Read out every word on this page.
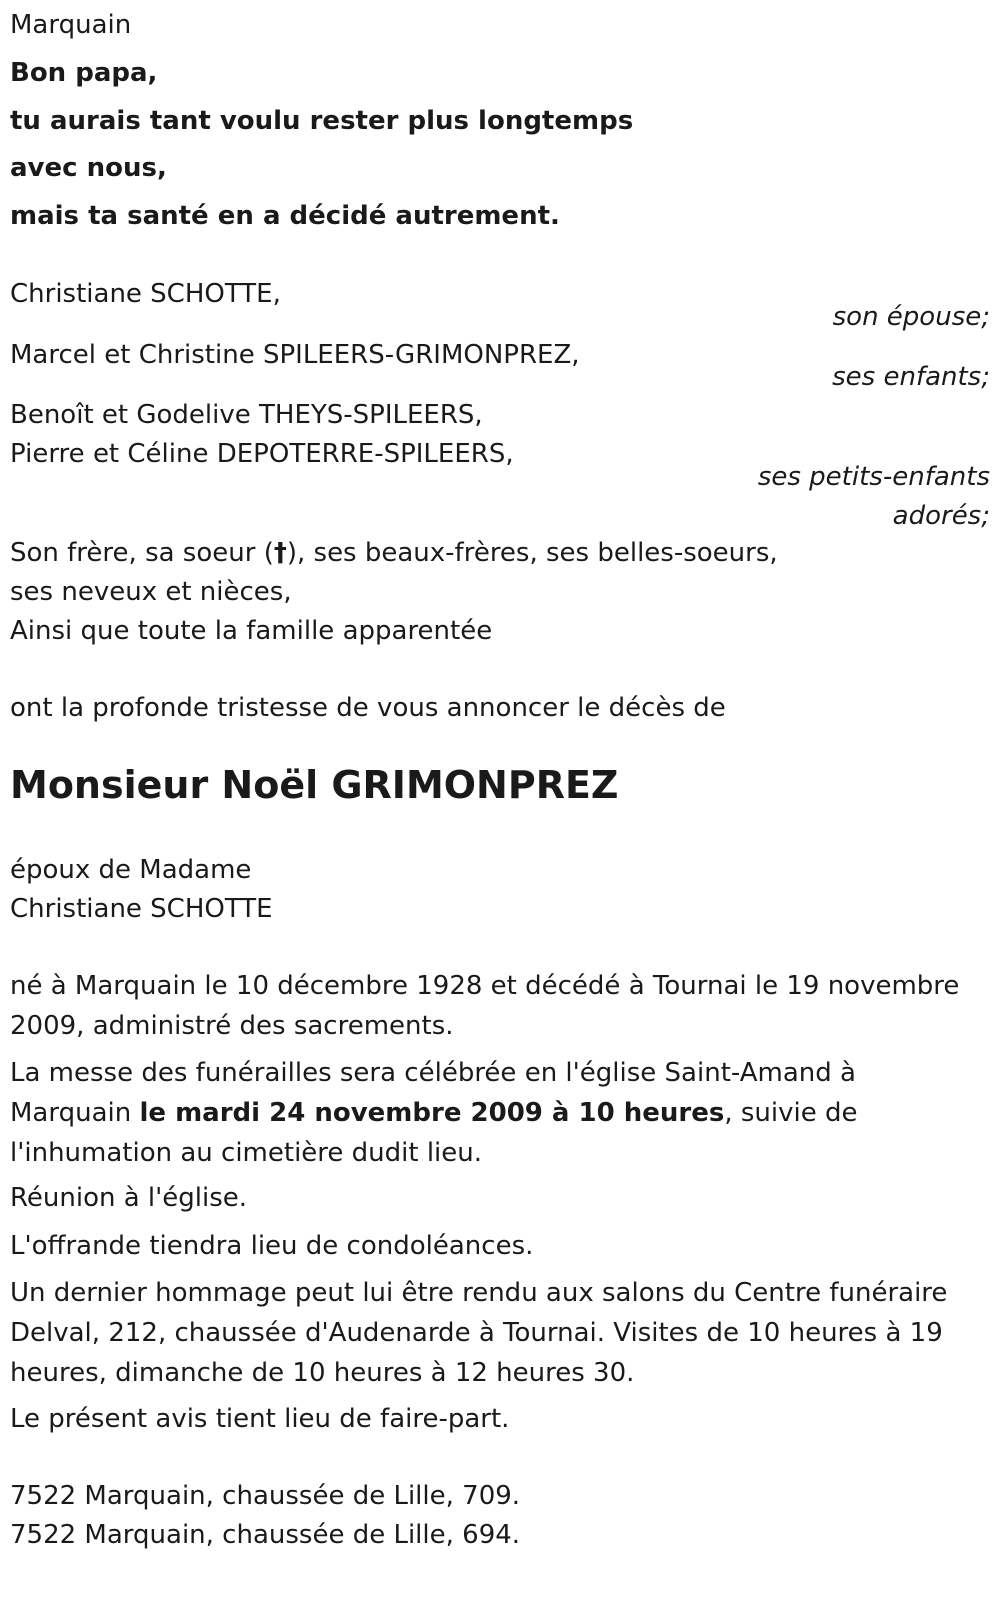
Marquain
Bon papa,
tu aurais tant voulu rester plus longtemps
avec nous,
mais ta santé en a décidé autrement.
Christiane SCHOTTE,
son épouse;
Marcel et Christine SPILEERS-GRIMONPREZ,
ses enfants;
Benoît et Godelive THEYS-SPILEERS,
Pierre et Céline DEPOTERRE-SPILEERS,
ses petits-enfants
adorés;
Son frère, sa soeur (†), ses beaux-frères, ses belles-soeurs,
ses neveux et nièces,
Ainsi que toute la famille apparentée
ont la profonde tristesse de vous annoncer le décès de
Monsieur Noël GRIMONPREZ
époux de Madame
Christiane SCHOTTE
né à Marquain le 10 décembre 1928 et décédé à Tournai le 19 novembre 2009, administré des sacrements.
La messe des funérailles sera célébrée en l'église Saint-Amand à Marquain le mardi 24 novembre 2009 à 10 heures, suivie de l'inhumation au cimetière dudit lieu.
Réunion à l'église.
L'offrande tiendra lieu de condoléances.
Un dernier hommage peut lui être rendu aux salons du Centre funéraire Delval, 212, chaussée d'Audenarde à Tournai. Visites de 10 heures à 19 heures, dimanche de 10 heures à 12 heures 30.
Le présent avis tient lieu de faire-part.
7522 Marquain, chaussée de Lille, 709.
7522 Marquain, chaussée de Lille, 694.
